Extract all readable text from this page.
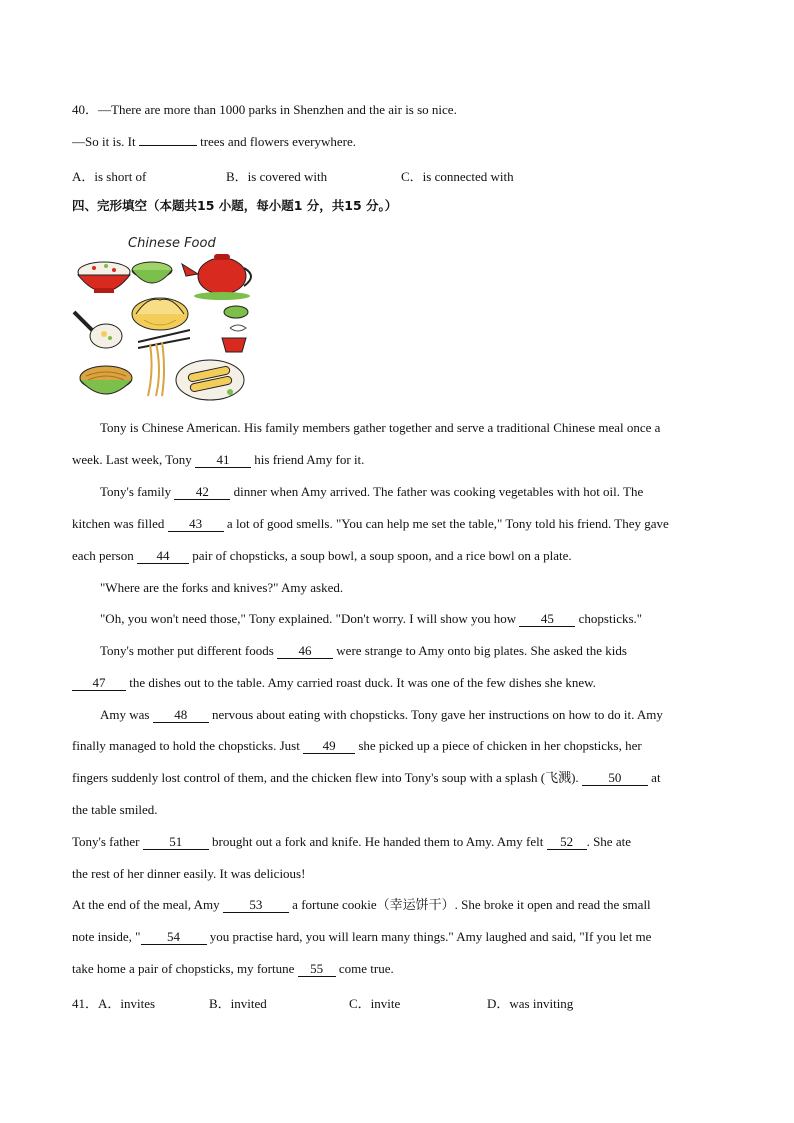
40．—There are more than 1000 parks in Shenzhen and the air is so nice.
—So it is. It	trees and flowers everywhere.
A．is short of	B．is covered with	C．is connected with
四、完形填空（本题共15 小题，每小题1 分，共15 分。）
Chinese Food
Tony is Chinese American. His family members gather together and serve a traditional Chinese meal once a
week. Last week, Tony 41 his friend Amy for it.
Tony's family 42 dinner when Amy arrived. The father was cooking vegetables with hot oil. The
kitchen was filled 43 a lot of good smells. "You can help me set the table," Tony told his friend. They gave
each person 44 pair of chopsticks, a soup bowl, a soup spoon, and a rice bowl on a plate.
"Where are the forks and knives?" Amy asked.
"Oh, you won't need those," Tony explained. "Don't worry. I will show you how 45 chopsticks."
Tony's mother put different foods 46 were strange to Amy onto big plates. She asked the kids
47 the dishes out to the table. Amy carried roast duck. It was one of the few dishes she knew.
Amy was 48 nervous about eating with chopsticks. Tony gave her instructions on how to do it. Amy
finally managed to hold the chopsticks. Just 49 she picked up a piece of chicken in her chopsticks, her
fingers suddenly lost control of them, and the chicken flew into Tony's soup with a splash (飞溅). 50 at
the table smiled.
Tony's father 51 brought out a fork and knife. He handed them to Amy. Amy felt 52 . She ate
the rest of her dinner easily. It was delicious!
At the end of the meal, Amy 53 a fortune cookie（幸运饼干）. She broke it open and read the small
note inside, " 54 you practise hard, you will learn many things." Amy laughed and said, "If you let me
take home a pair of chopsticks, my fortune 55 come true.
41．A．invites	B．invited	C．invite	D．was inviting
